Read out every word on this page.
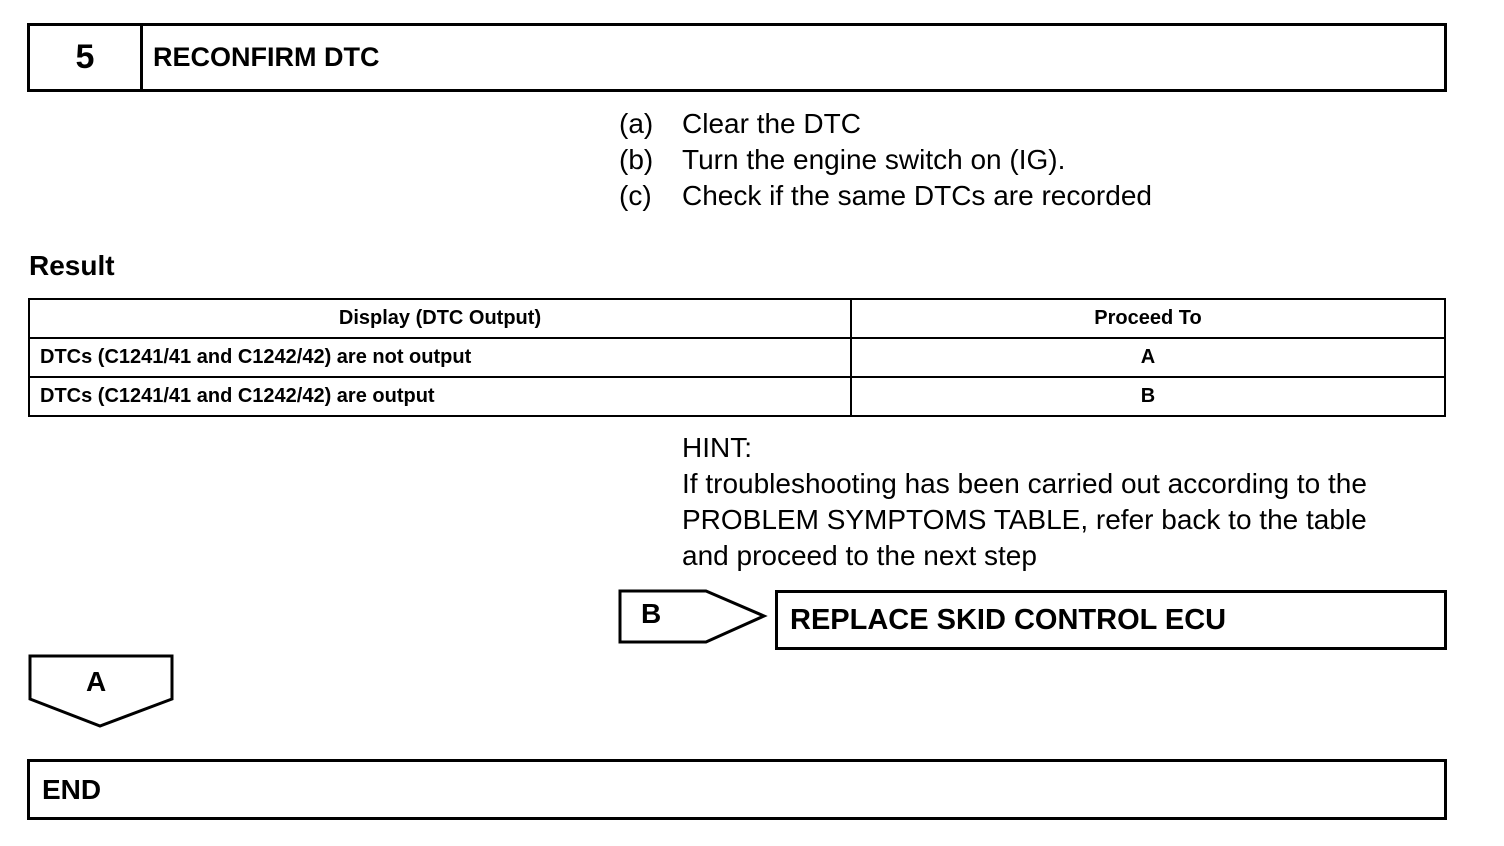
5	RECONFIRM DTC
(a)	Clear the DTC
(b)	Turn the engine switch on (IG).
(c)	Check if the same DTCs are recorded
Result
Display (DTC Output)	Proceed To
DTCs (C1241/41 and C1242/42) are not output	A
DTCs (C1241/41 and C1242/42) are output	B
HINT:
If troubleshooting has been carried out according to the
PROBLEM SYMPTOMS TABLE, refer back to the table
and proceed to the next step
B	REPLACE SKID CONTROL ECU
A
END
